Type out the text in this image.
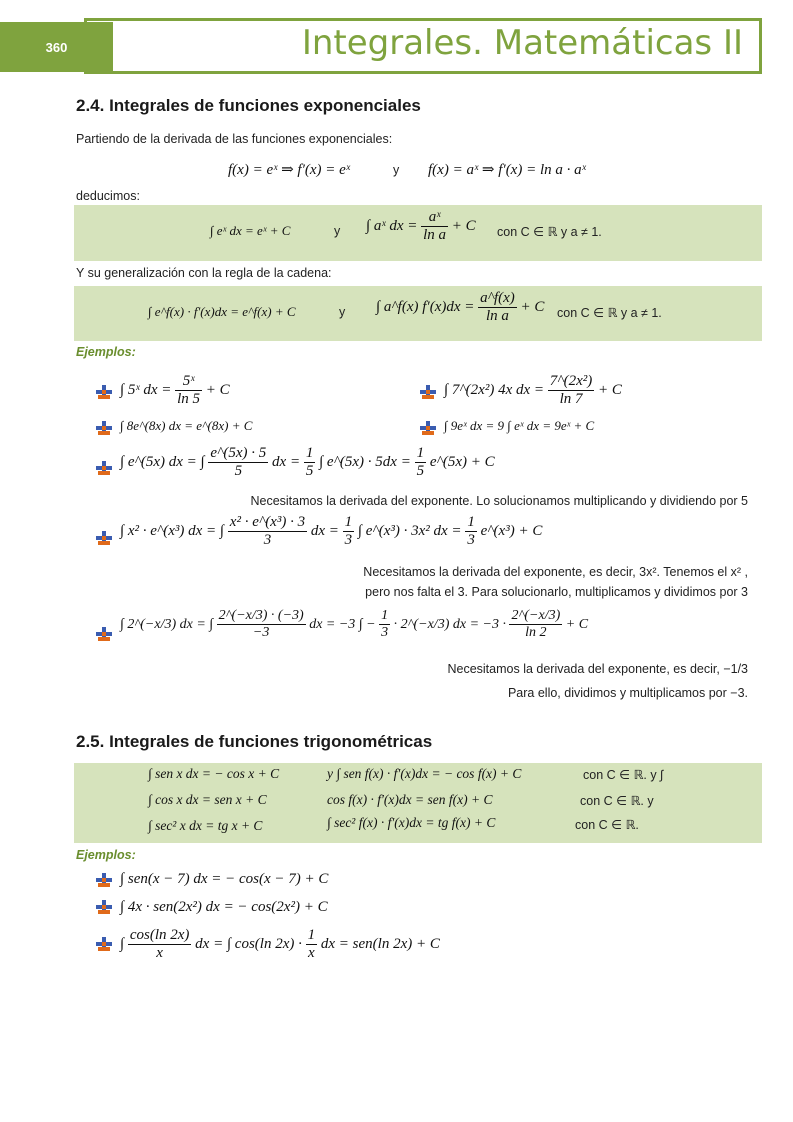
Integrales. Matemáticas II
360
2.4. Integrales de funciones exponenciales
Partiendo de la derivada de las funciones exponenciales:
f(x) = eˣ ⇒ f′(x) = eˣ	y f(x) = aˣ ⇒ f′(x) = ln a · aˣ
deducimos:
∫ eˣ dx = eˣ + C	y ∫ aˣ dx = $\frac{\text{aˣ}}{\text{ln a}} + C$ con C ∈ ℝ y a ≠ 1.
Y su generalización con la regla de la cadena:
∫ e^f(x) · f′(x)dx = e^f(x) + C	y ∫ a^f(x) $f'(x)dx = \frac{a\^{}f(x)}{\text{ln a}} + C$ con C ∈ ℝ y a ≠ 1.
Ejemplos:
∫ 5ˣ dx = $\frac{\text{5ˣ}}{\ln 5} + C$	∫ 7^(2x²) 4x dx = $\frac{\text{7\textasciicircum{}(2x²)}}{\ln 7} + C$
∫ 8e^(8x) dx = e^(8x) + C	∫ 9eˣ dx = 9 ∫ eˣ dx = 9eˣ + C
∫ e^(5x) dx = ∫ $\frac{e\^{}(5x) \cdot 5}{5}$ dx = $\frac{1}{5}$ ∫ e^(5x) · $5dx = \frac{1}{5}$ e^(5x) + C
Necesitamos la derivada del exponente. Lo solucionamos multiplicando y dividiendo por 5
∫ x² · e^(x³) dx = ∫ $\frac{\text{x² · e\textasciicircum{}(x³) · 3}}{3}$ dx = $\frac{1}{3}$ ∫ e^(x³) · 3x² dx = $\frac{1}{3}$ e^(x³) + C
Necesitamos la derivada del exponente, es decir, 3x². Tenemos el x² ,
pero nos falta el 3. Para solucionarlo, multiplicamos y dividimos por 3
∫ 2^(−x/3) dx = ∫ $\frac{2\^{}(-x/3) \cdot (-3)}{-3}$ dx = −3 ∫ − $\frac{1}{3}$ · 2^(−x/3) dx = $-3 \cdot \frac{2\^{}(-x/3)}{\ln 2} + C$
Necesitamos la derivada del exponente, es decir, −1/3
Para ello, dividimos y multiplicamos por −3.
2.5. Integrales de funciones trigonométricas
∫ sen x dx = − cos x + C	y ∫ sen f(x) · f′(x)dx = − cos f(x) + C	con C ∈ ℝ. y ∫
∫ cos x dx = sen x + C	cos f(x) · f′(x)dx = sen f(x) + C	con C ∈ ℝ. y
∫ sec² x dx = tg x + C	∫ sec² f(x) · f′(x)dx = tg f(x) + C	con C ∈ ℝ.
Ejemplos:
∫ sen(x − 7) dx = − cos(x − 7) + C
∫ 4x · sen(2x²) dx = − cos(2x²) + C
∫ $\frac{\cos(\ln 2x)}{x}$ dx = ∫ cos(ln $2x) \cdot \frac{1}{x}$ dx = sen(ln 2x) + C
